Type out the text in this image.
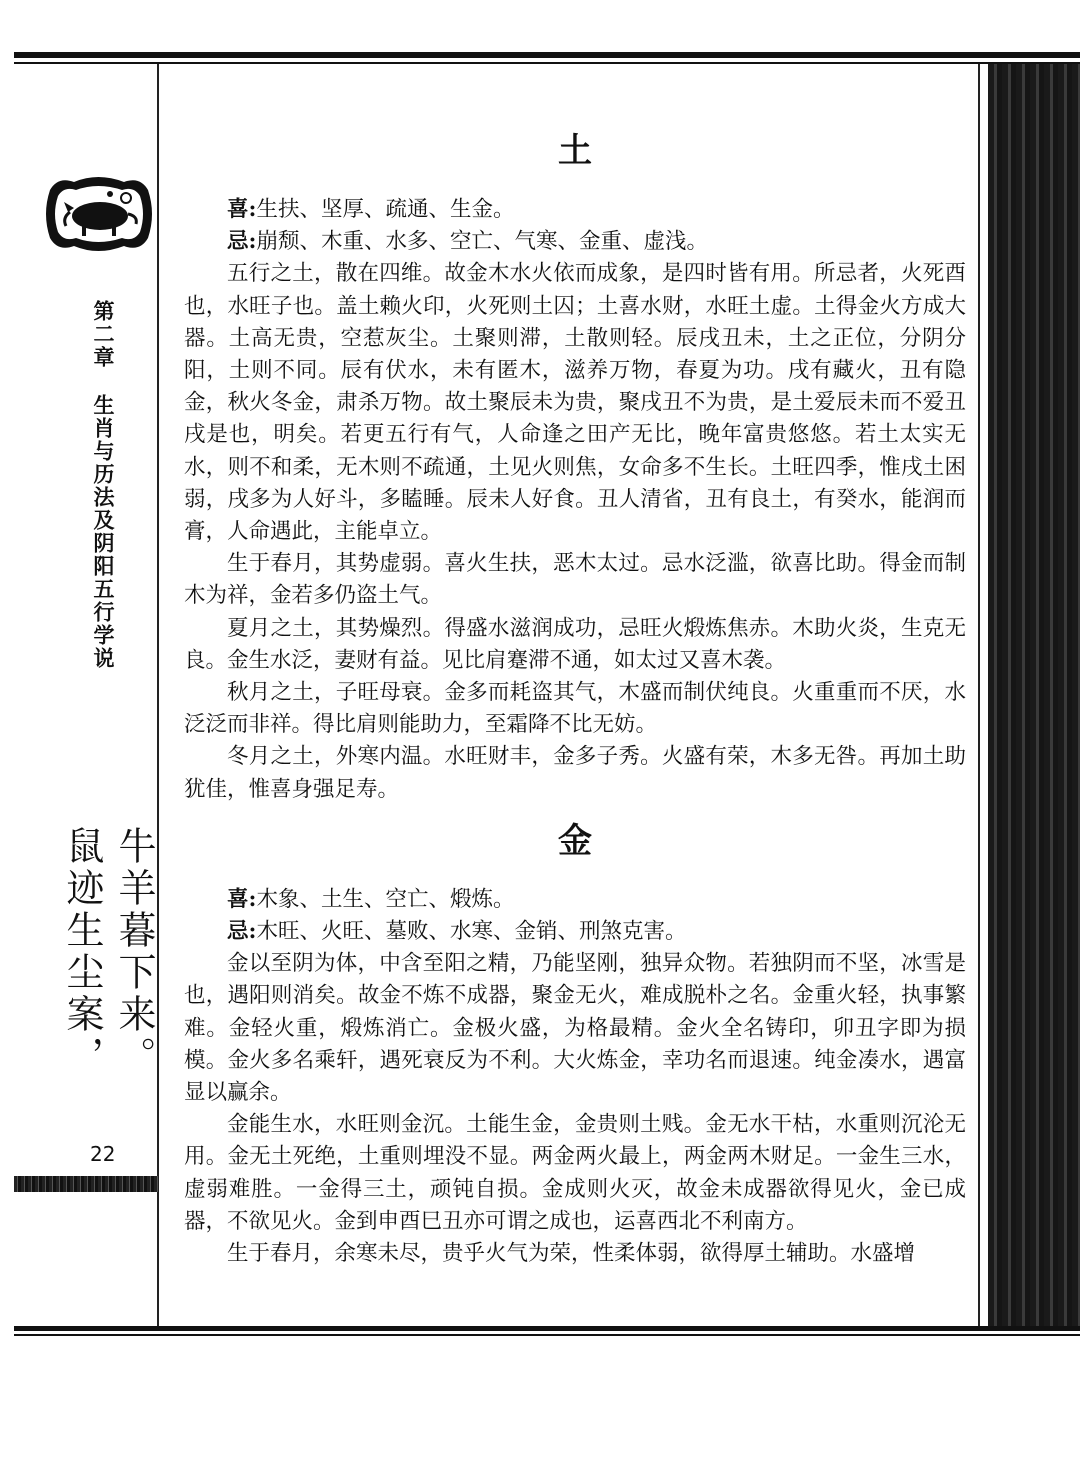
第二章
生肖与历法及阴阳五行学说
牛羊暮下来。
鼠迹生尘案，
22
土

喜:生扶、坚厚、疏通、生金。

忌:崩颓、木重、水多、空亡、气寒、金重、虚浅。

五行之土，散在四维。故金木水火依而成象，是四时皆有用。所忌者，火死酉也，水旺子也。盖土赖火印，火死则土囚；土喜水财，水旺土虚。土得金火方成大器。土高无贵，空惹灰尘。土聚则滞，土散则轻。辰戌丑未，土之正位，分阴分阳，土则不同。辰有伏水，未有匿木，滋养万物，春夏为功。戌有藏火，丑有隐金，秋火冬金，肃杀万物。故土聚辰未为贵，聚戌丑不为贵，是土爱辰未而不爱丑戌是也，明矣。若更五行有气，人命逢之田产无比，晚年富贵悠悠。若土太实无水，则不和柔，无木则不疏通，土见火则焦，女命多不生长。土旺四季，惟戌土困弱，戌多为人好斗，多瞌睡。辰未人好食。丑人清省，丑有良土，有癸水，能润而膏，人命遇此，主能卓立。

生于春月，其势虚弱。喜火生扶，恶木太过。忌水泛滥，欲喜比助。得金而制木为祥，金若多仍盗土气。

夏月之土，其势燥烈。得盛水滋润成功，忌旺火煅炼焦赤。木助火炎，生克无良。金生水泛，妻财有益。见比肩蹇滞不通，如太过又喜木袭。

秋月之土，子旺母衰。金多而耗盗其气，木盛而制伏纯良。火重重而不厌，水泛泛而非祥。得比肩则能助力，至霜降不比无妨。

冬月之土，外寒内温。水旺财丰，金多子秀。火盛有荣，木多无咎。再加土助犹佳，惟喜身强足寿。

金

喜:木象、土生、空亡、煅炼。

忌:木旺、火旺、墓败、水寒、金销、刑煞克害。

金以至阴为体，中含至阳之精，乃能坚刚，独异众物。若独阴而不坚，冰雪是也，遇阳则消矣。故金不炼不成器，聚金无火，难成脱朴之名。金重火轻，执事繁难。金轻火重，煅炼消亡。金极火盛，为格最精。金火全名铸印，卯丑字即为损模。金火多名乘轩，遇死衰反为不利。大火炼金，幸功名而退速。纯金凑水，遇富显以赢余。

金能生水，水旺则金沉。土能生金，金贵则土贱。金无水干枯，水重则沉沦无用。金无土死绝，土重则埋没不显。两金两火最上，两金两木财足。一金生三水，虚弱难胜。一金得三土，顽钝自损。金成则火灭，故金未成器欲得见火，金已成器，不欲见火。金到申酉巳丑亦可谓之成也，运喜西北不利南方。

生于春月，余寒未尽，贵乎火气为荣，性柔体弱，欲得厚土辅助。水盛增
